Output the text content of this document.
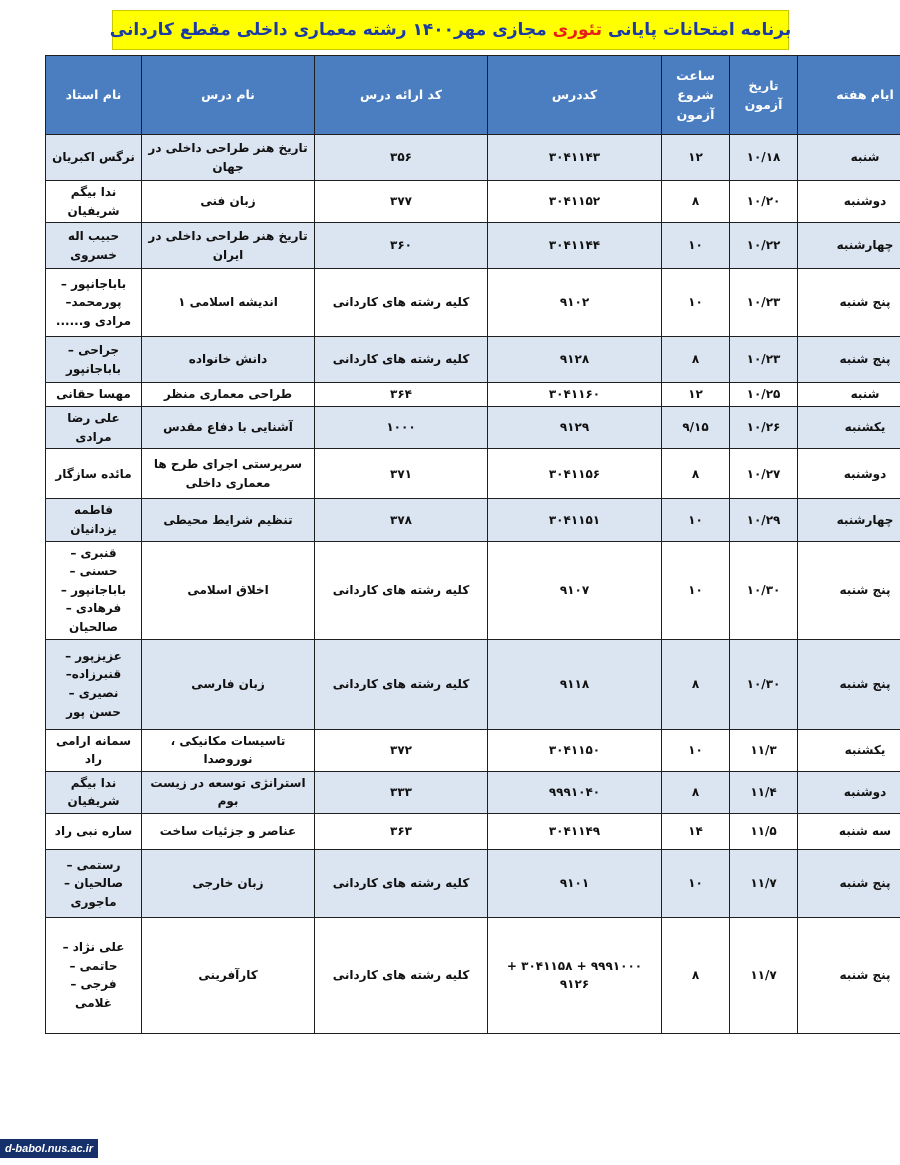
برنامه امتحانات پایانی

تئوری

مجازی مهر۱۴۰۰ رشته معماری داخلی مقطع کاردانی
	ایام هفته	تاریخ آزمون	ساعت شروع آزمون	کددرس	کد ارائه درس	نام درس	نام استاد
	شنبه	۱۰/۱۸	۱۲	۳۰۴۱۱۴۳	۳۵۶	تاریخ هنر طراحی داخلی در جهان	نرگس اکبریان
	دوشنبه	۱۰/۲۰	۸	۳۰۴۱۱۵۲	۳۷۷	زبان فنی	ندا بیگم شریفیان
	چهارشنبه	۱۰/۲۲	۱۰	۳۰۴۱۱۴۴	۳۶۰	تاریخ هنر طراحی داخلی در ایران	حبیب اله خسروی
	پنج شنبه	۱۰/۲۳	۱۰	۹۱۰۲	کلیه رشته های کاردانی	اندیشه اسلامی ۱	باباجانپور – پورمحمد– مرادی و......
	پنج شنبه	۱۰/۲۳	۸	۹۱۲۸	کلیه رشته های کاردانی	دانش خانواده	جراحی – باباجانپور
	شنبه	۱۰/۲۵	۱۲	۳۰۴۱۱۶۰	۳۶۴	طراحی معماری منظر	مهسا حقانی
	یکشنبه	۱۰/۲۶	۹/۱۵	۹۱۲۹	۱۰۰۰	آشنایی با دفاع مقدس	علی رضا مرادی
	دوشنبه	۱۰/۲۷	۸	۳۰۴۱۱۵۶	۳۷۱	سرپرستی اجرای طرح ها معماری داخلی	مائده سازگار
	چهارشنبه	۱۰/۲۹	۱۰	۳۰۴۱۱۵۱	۳۷۸	تنظیم شرایط محیطی	فاطمه یزدانیان
	پنج شنبه	۱۰/۳۰	۱۰	۹۱۰۷	کلیه رشته های کاردانی	اخلاق اسلامی	قنبری – حسنی – باباجانپور – فرهادی – صالحیان
	پنج شنبه	۱۰/۳۰	۸	۹۱۱۸	کلیه رشته های کاردانی	زبان فارسی	عزیزپور – قنبرزاده– نصیری – حسن پور
	یکشنبه	۱۱/۳	۱۰	۳۰۴۱۱۵۰	۳۷۲	تاسیسات مکانیکی ، نوروصدا	سمانه ارامی راد
	دوشنبه	۱۱/۴	۸	۹۹۹۱۰۴۰	۳۳۳	استرانژی توسعه در زیست بوم	ندا بیگم شریفیان
	سه شنبه	۱۱/۵	۱۴	۳۰۴۱۱۴۹	۳۶۳	عناصر و جزئیات ساخت	ساره نبی راد
	پنج شنبه	۱۱/۷	۱۰	۹۱۰۱	کلیه رشته های کاردانی	زبان خارجی	رستمی – صالحیان – ماجوری
	پنج شنبه	۱۱/۷	۸	۹۹۹۱۰۰۰ + ۳۰۴۱۱۵۸ + ۹۱۲۶	کلیه رشته های کاردانی	کارآفرینی	علی نژاد – حاتمی – فرجی – غلامی
d-babol.nus.ac.ir
